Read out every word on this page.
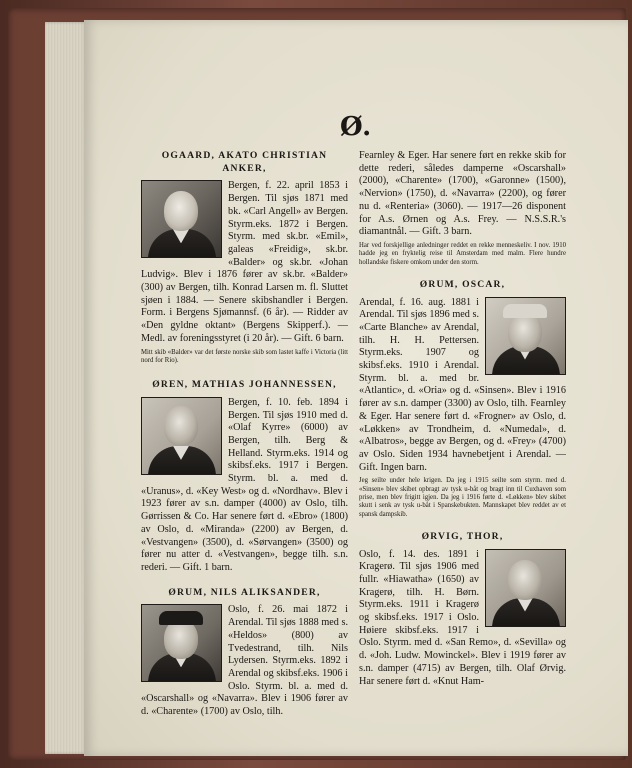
Ø.
OGAARD, AKATO CHRISTIAN ANKER,

Bergen, f. 22. april 1853 i Bergen. Til sjøs 1871 med bk. «Carl Angell» av Bergen. Styrm.eks. 1872 i Bergen. Styrm. med sk.br. «Emil», galeas «Freidig», sk.br. «Balder» og sk.br. «Johan Ludvig». Blev i 1876 fører av sk.br. «Balder» (300) av Bergen, tilh. Konrad Larsen m. fl. Sluttet sjøen i 1884. — Senere skibshandler i Bergen. Form. i Bergens Sjømannsf. (6 år). — Ridder av «Den gyldne oktant» (Bergens Skipperf.). — Medl. av foreningsstyret (i 20 år). — Gift. 6 barn.

Mitt skib «Balder» var det første norske skib som lastet kaffe i Victoria (litt nord for Rio).
ØREN, MATHIAS JOHANNESSEN,

Bergen, f. 10. feb. 1894 i Bergen. Til sjøs 1910 med d. «Olaf Kyrre» (6000) av Bergen, tilh. Berg & Helland. Styrm.eks. 1914 og skibsf.eks. 1917 i Bergen. Styrm. bl. a. med d. «Uranus», d. «Key West» og d. «Nordhav». Blev i 1923 fører av s.n. damper (4000) av Oslo, tilh. Gørrissen & Co. Har senere ført d. «Ebro» (1800) av Oslo, d. «Miranda» (2200) av Bergen, d. «Vestvangen» (3500), d. «Sørvangen» (3500) og fører nu atter d. «Vestvangen», begge tilh. s.n. rederi. — Gift. 1 barn.

ØRUM, NILS ALIKSANDER,

Oslo, f. 26. mai 1872 i Arendal. Til sjøs 1888 med s. «Heldos» (800) av Tvedestrand, tilh. Nils Lydersen. Styrm.eks. 1892 i Arendal og skibsf.eks. 1906 i Oslo. Styrm. bl. a. med d. «Oscarshall» og «Navarra». Blev i 1906 fører av d. «Charente» (1700) av Oslo, tilh.

Fearnley & Eger. Har senere ført en rekke skib for dette rederi, således damperne «Oscarshall» (2000), «Charente» (1700), «Garonne» (1500), «Nervion» (1750), d. «Navarra» (2200), og fører nu d. «Renteria» (3060). — 1917—26 disponent for A.s. Ørnen og A.s. Frey. — N.S.S.R.'s diamantnål. — Gift. 3 barn.

Har ved forskjellige anledninger reddet en rekke menneskeliv. I nov. 1910 hadde jeg en fryktelig reise til Amsterdam med malm. Flere hundre hollandske fiskere omkom under den storm.
ØRUM, OSCAR,

Arendal, f. 16. aug. 1881 i Arendal. Til sjøs 1896 med s. «Carte Blanche» av Arendal, tilh. H. H. Pettersen. Styrm.eks. 1907 og skibsf.eks. 1910 i Arendal. Styrm. bl. a. med br. «Atlantic», d. «Oria» og d. «Sinsen». Blev i 1916 fører av s.n. damper (3300) av Oslo, tilh. Fearnley & Eger. Har senere ført d. «Frogner» av Oslo, d. «Løkken» av Trondheim, d. «Numedal», d. «Albatros», begge av Bergen, og d. «Frey» (4700) av Oslo. Siden 1934 havnebetjent i Arendal. — Gift. Ingen barn.

Jeg seilte under hele krigen. Da jeg i 1915 seilte som styrm. med d. «Sinsen» blev skibet opbragt av tysk u-båt og bragt inn til Cuxhaven som prise, men blev frigitt igjen. Da jeg i 1916 førte d. «Løkken» blev skibet skutt i senk av tysk u-båt i Spanskebukten. Mannskapet blev reddet av et spansk dampskib.
ØRVIG, THOR,

Oslo, f. 14. des. 1891 i Kragerø. Til sjøs 1906 med fullr. «Hiawatha» (1650) av Kragerø, tilh. H. Børn. Styrm.eks. 1911 i Kragerø og skibsf.eks. 1917 i Oslo. Høiere skibsf.eks. 1917 i Oslo. Styrm. med d. «San Remo», d. «Sevilla» og d. «Joh. Ludw. Mowinckel». Blev i 1919 fører av s.n. damper (4715) av Bergen, tilh. Olaf Ørvig. Har senere ført d. «Knut Ham-
